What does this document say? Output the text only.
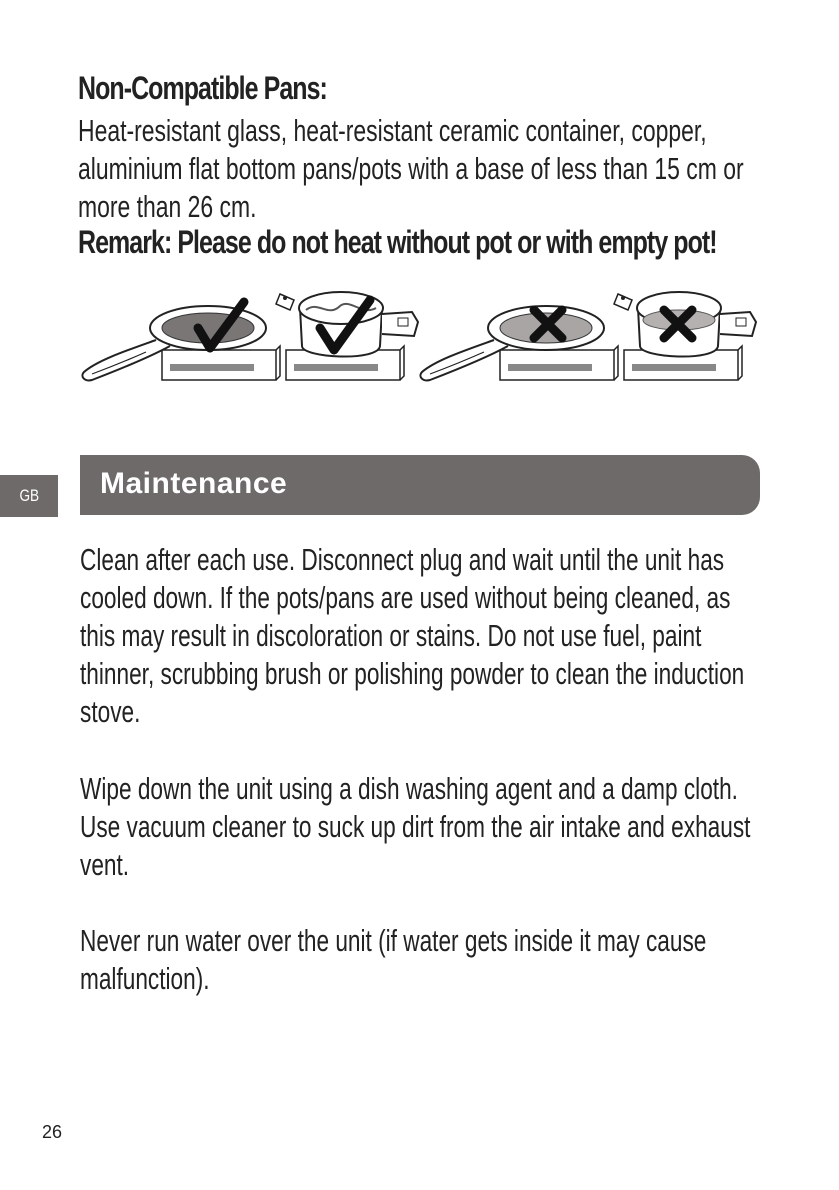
Non-Compatible Pans:
Heat-resistant glass, heat-resistant ceramic container, copper, aluminium flat bottom pans/pots with a base of less than 15 cm or more than 26 cm.
Remark: Please do not heat without pot or with empty pot!
GB Maintenance
Clean after each use. Disconnect plug and wait until the unit has cooled down. If the pots/pans are used without being cleaned, as this may result in discoloration or stains. Do not use fuel, paint thinner, scrubbing brush or polishing powder to clean the induction stove.
Wipe down the unit using a dish washing agent and a damp cloth. Use vacuum cleaner to suck up dirt from the air intake and exhaust vent.
Never run water over the unit (if water gets inside it may cause malfunction).
26
